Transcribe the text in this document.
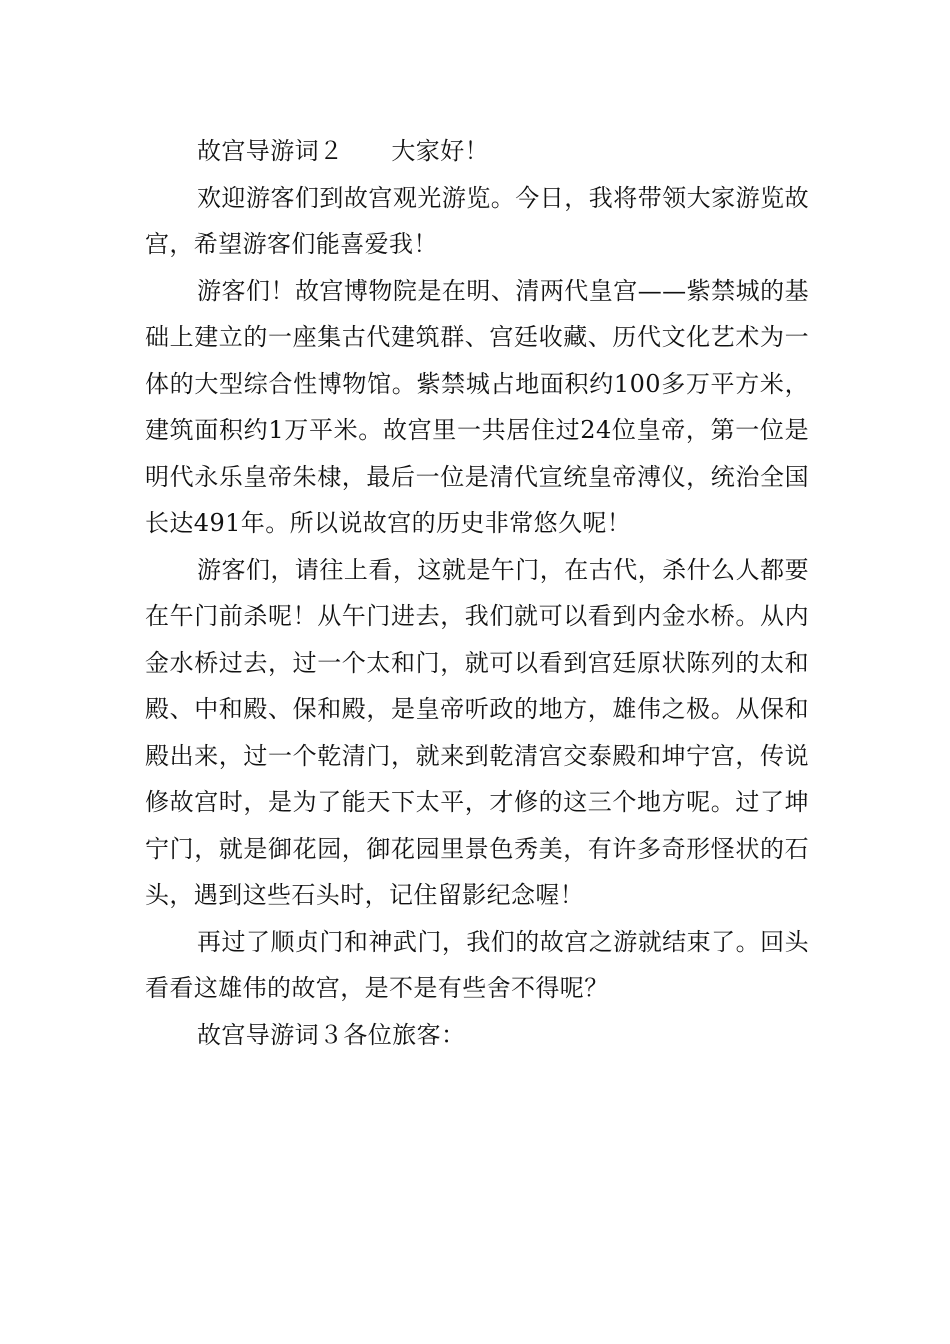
故宫导游词２ 大家好！

欢迎游客们到故宫观光游览。今日，我将带领大家游览故宫，希望游客们能喜爱我！

游客们！故宫博物院是在明、清两代皇宫——紫禁城的基础上建立的一座集古代建筑群、宫廷收藏、历代文化艺术为一体的大型综合性博物馆。紫禁城占地面积约100多万平方米，建筑面积约1万平米。故宫里一共居住过24位皇帝，第一位是明代永乐皇帝朱棣，最后一位是清代宣统皇帝溥仪，统治全国长达491年。所以说故宫的历史非常悠久呢！

游客们，请往上看，这就是午门，在古代，杀什么人都要在午门前杀呢！从午门进去，我们就可以看到内金水桥。从内金水桥过去，过一个太和门，就可以看到宫廷原状陈列的太和殿、中和殿、保和殿，是皇帝听政的地方，雄伟之极。从保和殿出来，过一个乾清门，就来到乾清宫交泰殿和坤宁宫，传说修故宫时，是为了能天下太平，才修的这三个地方呢。过了坤宁门，就是御花园，御花园里景色秀美，有许多奇形怪状的石头，遇到这些石头时，记住留影纪念喔！

再过了顺贞门和神武门，我们的故宫之游就结束了。回头看看这雄伟的故宫，是不是有些舍不得呢？

故宫导游词３各位旅客：
